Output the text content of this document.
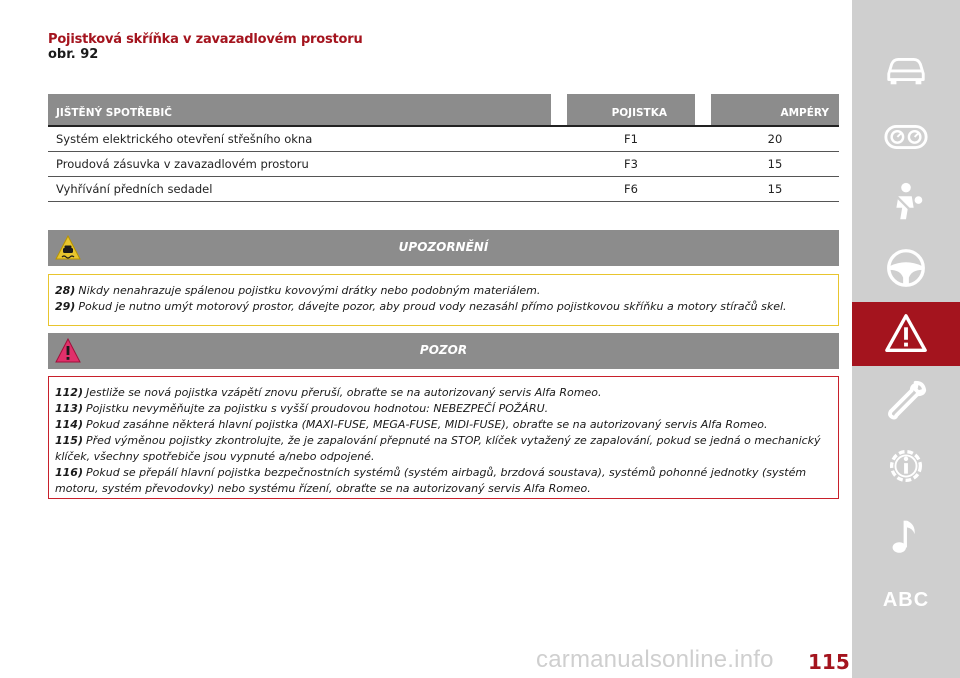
Pojistková skříňka v zavazadlovém prostoru
obr. 92
JIŠTĚNÝ SPOTŘEBIČ		POJISTKA		AMPÉRY
Systém elektrického otevření střešního okna		F1		20
Proudová zásuvka v zavazadlovém prostoru		F3		15
Vyhřívání předních sedadel		F6		15
UPOZORNĚNÍ

28) Nikdy nenahrazuje spálenou pojistku kovovými drátky nebo podobným materiálem.

29) Pokud je nutno umýt motorový prostor, dávejte pozor, aby proud vody nezasáhl přímo pojistkovou skříňku a motory stíračů skel.

POZOR

112) Jestliže se nová pojistka vzápětí znovu přeruší, obraťte se na autorizovaný servis Alfa Romeo.

113) Pojistku nevyměňujte za pojistku s vyšší proudovou hodnotou: NEBEZPEČÍ POŽÁRU.

114) Pokud zasáhne některá hlavní pojistka (MAXI-FUSE, MEGA-FUSE, MIDI-FUSE), obraťte se na autorizovaný servis Alfa Romeo.

115) Před výměnou pojistky zkontrolujte, že je zapalování přepnuté na STOP, klíček vytažený ze zapalování, pokud se jedná o mechanický klíček, všechny spotřebiče jsou vypnuté a/nebo odpojené.

116) Pokud se přepálí hlavní pojistka bezpečnostních systémů (systém airbagů, brzdová soustava), systémů pohonné jednotky (systém motoru, systém převodovky) nebo systému řízení, obraťte se na autorizovaný servis Alfa Romeo.

115
ABC
carmanualsonline.info
